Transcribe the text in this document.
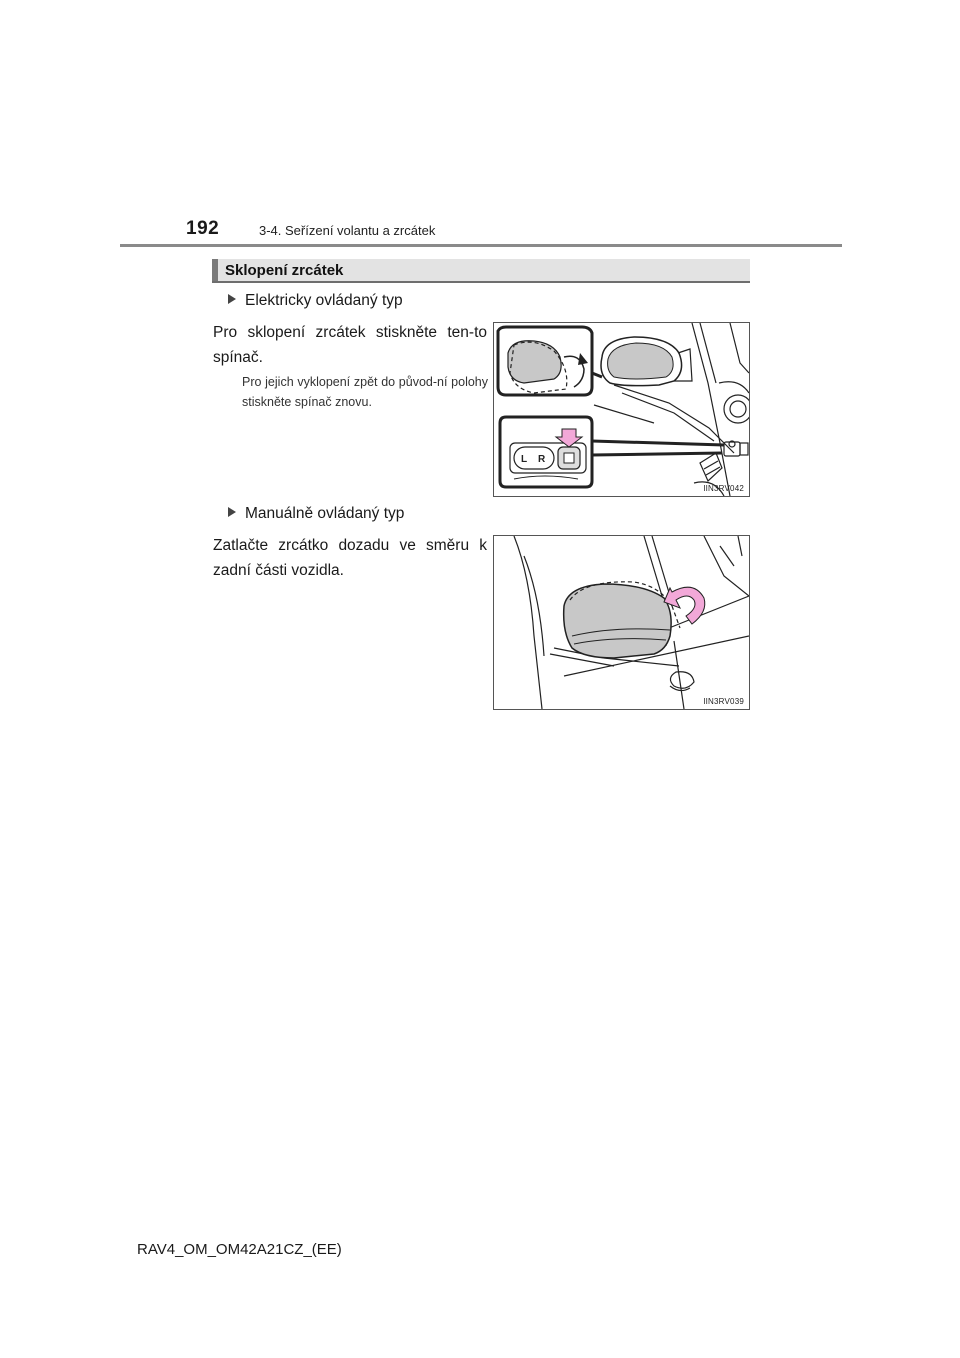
192	3-4. Seřízení volantu a zrcátek
Sklopení zrcátek
Elektricky ovládaný typ
Pro sklopení zrcátek stiskněte ten-to spínač.
Pro jejich vyklopení zpět do původ-ní polohy stiskněte spínač znovu.
L R
IIN3RV042
Manuálně ovládaný typ
Zatlačte zrcátko dozadu ve směru k zadní části vozidla.
IIN3RV039
RAV4_OM_OM42A21CZ_(EE)
